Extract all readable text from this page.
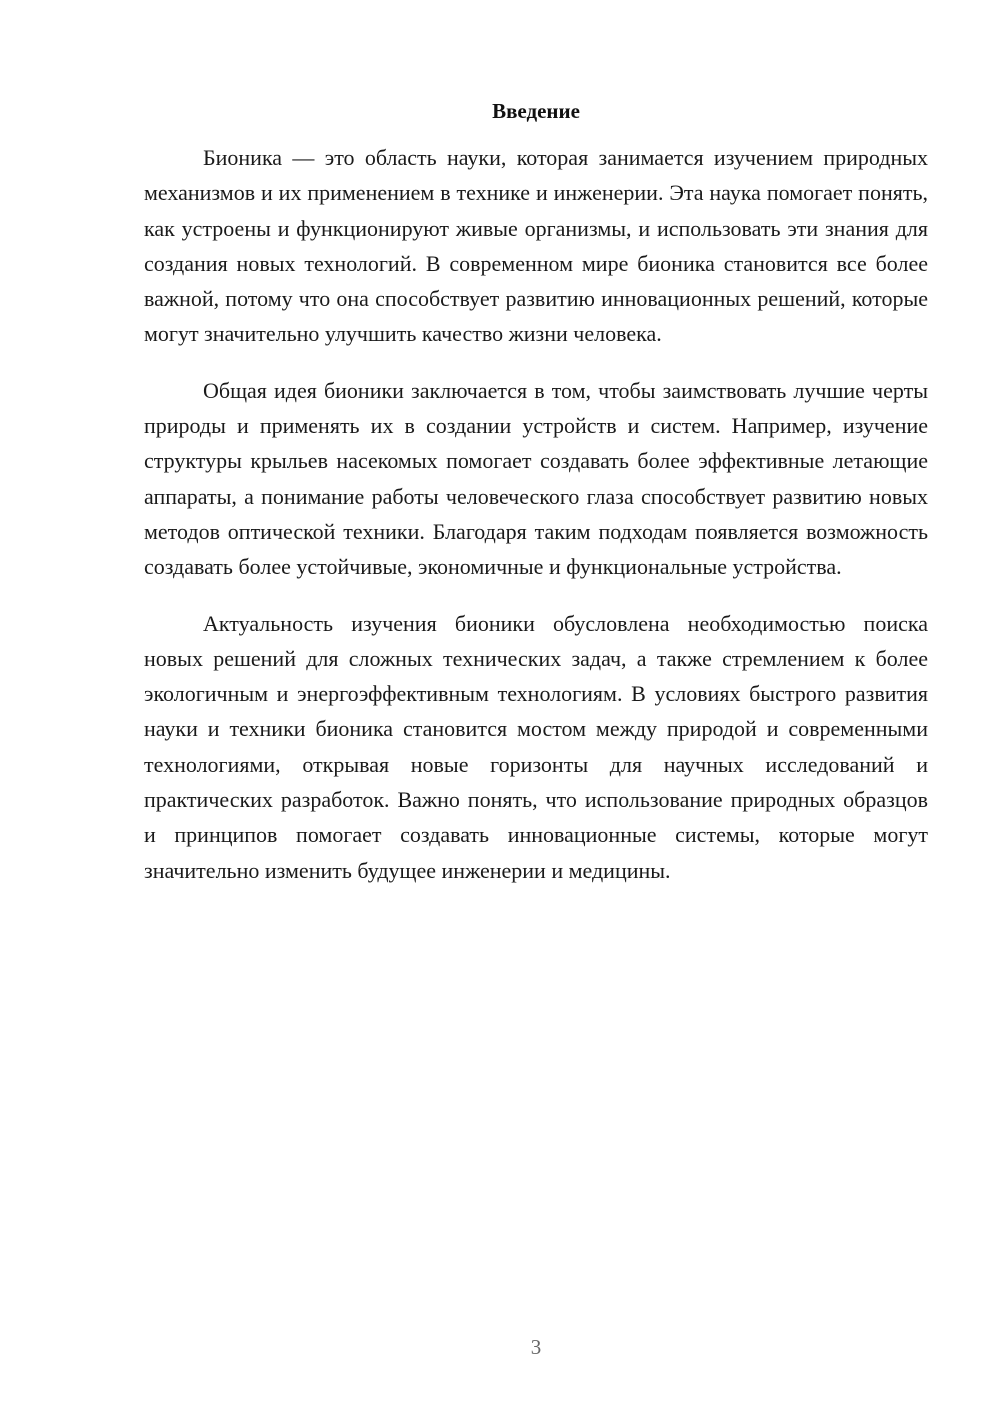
Введение

Бионика — это область науки, которая занимается изучением природных механизмов и их применением в технике и инженерии. Эта наука помогает понять, как устроены и функционируют живые организмы, и использовать эти знания для создания новых технологий. В современном мире бионика становится все более важной, потому что она способствует развитию инновационных решений, которые могут значительно улучшить качество жизни человека.

Общая идея бионики заключается в том, чтобы заимствовать лучшие черты природы и применять их в создании устройств и систем. Например, изучение структуры крыльев насекомых помогает создавать более эффективные летающие аппараты, а понимание работы человеческого глаза способствует развитию новых методов оптической техники. Благодаря таким подходам появляется возможность создавать более устойчивые, экономичные и функциональные устройства.

Актуальность изучения бионики обусловлена необходимостью поиска новых решений для сложных технических задач, а также стремлением к более экологичным и энергоэффективным технологиям. В условиях быстрого развития науки и техники бионика становится мостом между природой и современными технологиями, открывая новые горизонты для научных исследований и практических разработок. Важно понять, что использование природных образцов и принципов помогает создавать инновационные системы, которые могут значительно изменить будущее инженерии и медицины.

3
